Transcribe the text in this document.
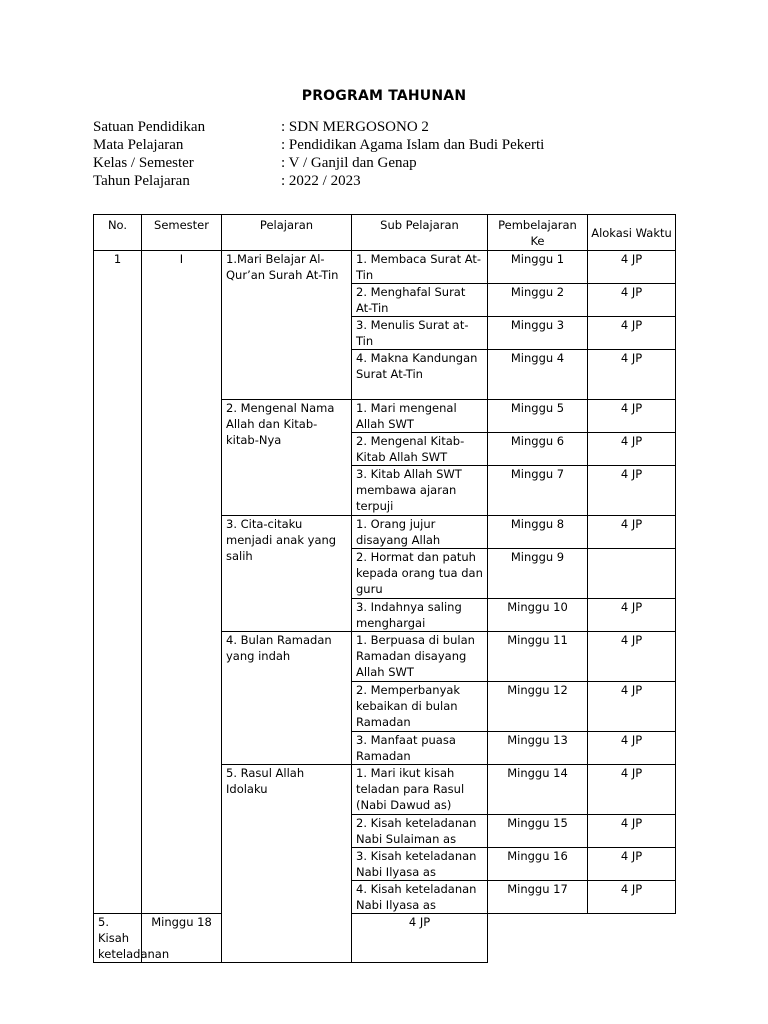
PROGRAM TAHUNAN
Satuan Pendidikan	: SDN MERGOSONO 2
Mata Pelajaran	: Pendidikan Agama Islam dan Budi Pekerti
Kelas / Semester	: V / Ganjil dan Genap
Tahun Pelajaran	: 2022 / 2023
No.	Semester	Pelajaran	Sub Pelajaran	Pembelajaran Ke	Alokasi Waktu
1	I	1.Mari Belajar Al-Qur’an Surah At-Tin	1. Membaca Surat At-Tin	Minggu 1	4 JP
			2. Menghafal Surat At-Tin	Minggu 2	4 JP
			3. Menulis Surat at-Tin	Minggu 3	4 JP
			4. Makna Kandungan Surat At-Tin	Minggu 4	4 JP
		2. Mengenal Nama Allah dan Kitab-kitab-Nya	1. Mari mengenal Allah SWT	Minggu 5	4 JP
			2. Mengenal Kitab-Kitab Allah SWT	Minggu 6	4 JP
			3. Kitab Allah SWT membawa ajaran terpuji	Minggu 7	4 JP
		3. Cita-citaku menjadi anak yang salih	1. Orang jujur disayang Allah	Minggu 8	4 JP
			2. Hormat dan patuh kepada orang tua dan guru	Minggu 9	
			3. Indahnya saling menghargai	Minggu 10	4 JP
		4. Bulan Ramadan yang indah	1. Berpuasa di bulan Ramadan disayang Allah SWT	Minggu 11	4 JP
			2. Memperbanyak kebaikan di bulan Ramadan	Minggu 12	4 JP
			3. Manfaat puasa Ramadan	Minggu 13	4 JP
		5. Rasul Allah Idolaku	1. Mari ikut kisah teladan para Rasul (Nabi Dawud as)	Minggu 14	4 JP
			2. Kisah keteladanan Nabi Sulaiman as	Minggu 15	4 JP
			3. Kisah keteladanan Nabi Ilyasa as	Minggu 16	4 JP
			4. Kisah keteladanan Nabi Ilyasa as	Minggu 17	4 JP
5. Kisah keteladanan	Minggu 18		4 JP		
